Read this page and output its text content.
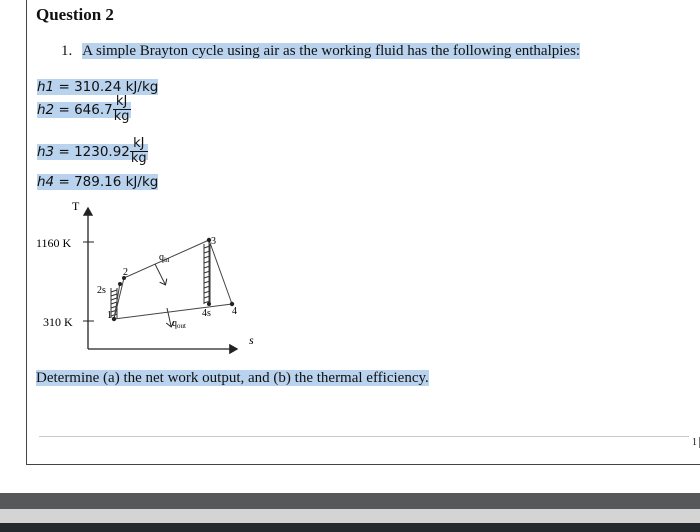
Question 2
1. A simple Brayton cycle using air as the working fluid has the following enthalpies:
h1 = 310.24 kJ/kg
$h2 = 646.7 \frac{kJ}{kg}$
$h3 = 1230.92 \frac{kJ}{kg}$
h4 = 789.16 kJ/kg
T
s
1160 K
310 K	1
2s
2
3
4s 4
$q_{in}$
$q_{out}$
Determine (a) the net work output, and (b) the thermal efficiency.
1
